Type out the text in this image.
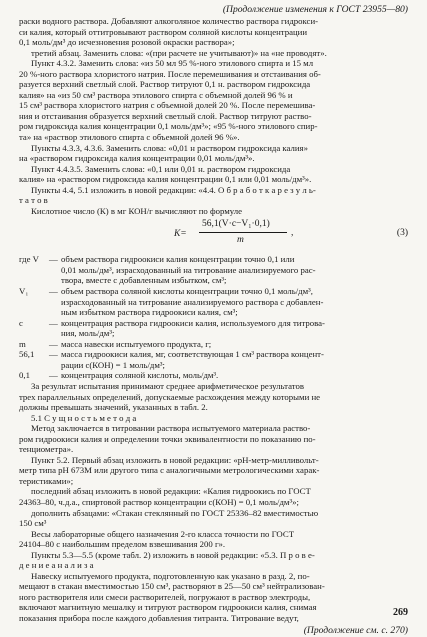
(Продолжение изменения к ГОСТ 23955—80)
раски водного раствора. Добавляют алкоголяное количество раствора гидрокси-
си калия, который оттитровывают раствором соляной кислоты концентрации
0,1 моль/дм³ до исчезновения розовой окраски раствора»;
третий абзац. Заменить слова: «(при расчете не учитывают)» на «не проводят».
Пункт 4.3.2. Заменить слова: «из 50 мл 95 %-ного этилового спирта и 15 мл
20 %-ного раствора хлористого натрия. После перемешивания и отстаивания об-
разуется верхний светлый слой. Раствор титруют 0,1 н. раствором гидроксида
калия» на «из 50 см³ раствора этилового спирта с объемной долей 96 % и
15 см³ раствора хлористого натрия с объемной долей 20 %. После перемешива-
ния и отстаивания образуется верхний светлый слой. Раствор титруют раство-
ром гидроксида калия концентрации 0,1 моль/дм³»; «95 %-ного этилового спир-
та» на «раствор этилового спирта с объемной долей 96 %».
Пункты 4.3.3, 4.3.6. Заменить слова: «0,01 н раствором гидроксида калия»
на «раствором гидроксида калия концентрации 0,01 моль/дм³».
Пункт 4.4.3.5. Заменить слова: «0,1 или 0,01 н. раствором гидроксида
калия» на «раствором гидроксида калия концентрации 0,1 или 0,01 моль/дм³».
Пункты 4.4, 5.1 изложить в новой редакции: «4.4. О б р а б о т к а р е з у л ь-
т а т о в
Кислотное число (К) в мг КОН/г вычисляют по формуле
К=
56,1(V·c−V₁·0,1)
m
,	(3)
где V	— объем раствора гидроокиси калия концентрации точно 0,1 или
0,01 моль/дм³, израсходованный на титрование анализируемого рас-
твора, вместе с добавленным избытком, см³;
V₁	— объем раствора соляной кислоты концентрации точно 0,1 моль/дм³,
израсходованный на титрование анализируемого раствора с добавлен-
ным избытком раствора гидроокиси калия, см³;
c	— концентрация раствора гидроокиси калия, используемого для титрова-
ния, моль/дм³;
m	— масса навески испытуемого продукта, г;
56,1	— масса гидроокиси калия, мг, соответствующая 1 см³ раствора концент-
рации с(КОН) = 1 моль/дм³;
0,1	— концентрация соляной кислоты, моль/дм³.
За результат испытания принимают среднее арифметическое результатов
трех параллельных определений, допускаемые расхождения между которыми не
должны превышать значений, указанных в табл. 2.
5.1 С у щ н о с т ь м е т о д а
Метод заключается в титровании раствора испытуемого материала раство-
ром гидроокиси калия и определении точки эквивалентности по показанию по-
тенциометра».
Пункт 5.2. Первый абзац изложить в новой редакции: «рН-метр-милливольт-
метр типа рН 673М или другого типа с аналогичными метрологическими харак-
теристиками»;
последний абзац изложить в новой редакции: «Калия гидроокись по ГОСТ
24363–80, ч.д.а., спиртовой раствор концентрации с(КОН) = 0,1 моль/дм³»;
дополнить абзацами: «Стакан стеклянный по ГОСТ 25336–82 вместимостью
150 см³
Весы лабораторные общего назначения 2-го класса точности по ГОСТ
24104–80 с наибольшим пределом взвешивания 200 г».
Пункты 5.3—5.5 (кроме табл. 2) изложить в новой редакции: «5.3. П р о в е-
д е н и е а н а л и з а
Навеску испытуемого продукта, подготовленную как указано в разд. 2, по-
мещают в стакан вместимостью 150 см³, растворяют в 25—50 см³ нейтрализован-
ного растворителя или смеси растворителей, погружают в раствор электроды,
включают магнитную мешалку и титруют раствором гидроокиси калия, снимая
показания прибора после каждого добавления титранта. Титрование ведут,
(Продолжение см. с. 270)
269
